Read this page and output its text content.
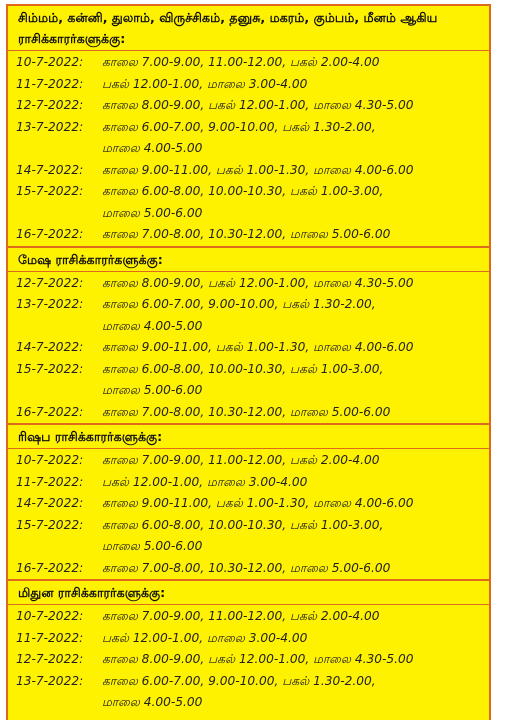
சிம்மம், கன்னி, துலாம், விருச்சிகம், தனுசு, மகரம், கும்பம், மீனம் ஆகிய ராசிக்காரர்களுக்கு:
10-7-2022: காலை 7.00-9.00, 11.00-12.00, பகல் 2.00-4.00
11-7-2022: பகல் 12.00-1.00, மாலை 3.00-4.00
12-7-2022: காலை 8.00-9.00, பகல் 12.00-1.00, மாலை 4.30-5.00
13-7-2022: காலை 6.00-7.00, 9.00-10.00, பகல் 1.30-2.00,
மாலை 4.00-5.00
14-7-2022: காலை 9.00-11.00, பகல் 1.00-1.30, மாலை 4.00-6.00
15-7-2022: காலை 6.00-8.00, 10.00-10.30, பகல் 1.00-3.00,
மாலை 5.00-6.00
16-7-2022: காலை 7.00-8.00, 10.30-12.00, மாலை 5.00-6.00
மேஷ ராசிக்காரர்களுக்கு:
12-7-2022: காலை 8.00-9.00, பகல் 12.00-1.00, மாலை 4.30-5.00
13-7-2022: காலை 6.00-7.00, 9.00-10.00, பகல் 1.30-2.00,
மாலை 4.00-5.00
14-7-2022: காலை 9.00-11.00, பகல் 1.00-1.30, மாலை 4.00-6.00
15-7-2022: காலை 6.00-8.00, 10.00-10.30, பகல் 1.00-3.00,
மாலை 5.00-6.00
16-7-2022: காலை 7.00-8.00, 10.30-12.00, மாலை 5.00-6.00
ரிஷப ராசிக்காரர்களுக்கு:
10-7-2022: காலை 7.00-9.00, 11.00-12.00, பகல் 2.00-4.00
11-7-2022: பகல் 12.00-1.00, மாலை 3.00-4.00
14-7-2022: காலை 9.00-11.00, பகல் 1.00-1.30, மாலை 4.00-6.00
15-7-2022: காலை 6.00-8.00, 10.00-10.30, பகல் 1.00-3.00,
மாலை 5.00-6.00
16-7-2022: காலை 7.00-8.00, 10.30-12.00, மாலை 5.00-6.00
மிதுன ராசிக்காரர்களுக்கு:
10-7-2022: காலை 7.00-9.00, 11.00-12.00, பகல் 2.00-4.00
11-7-2022: பகல் 12.00-1.00, மாலை 3.00-4.00
12-7-2022: காலை 8.00-9.00, பகல் 12.00-1.00, மாலை 4.30-5.00
13-7-2022: காலை 6.00-7.00, 9.00-10.00, பகல் 1.30-2.00,
மாலை 4.00-5.00
